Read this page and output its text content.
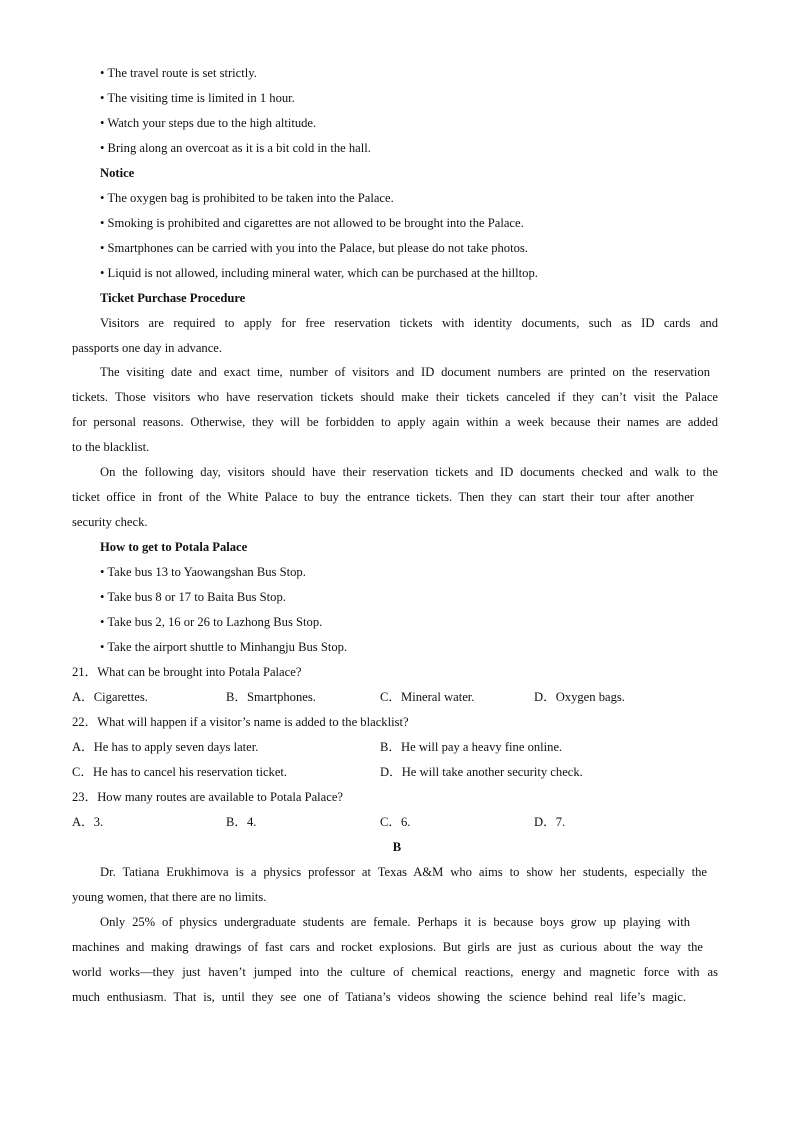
• The travel route is set strictly.
• The visiting time is limited in 1 hour.
• Watch your steps due to the high altitude.
• Bring along an overcoat as it is a bit cold in the hall.
Notice
• The oxygen bag is prohibited to be taken into the Palace.
• Smoking is prohibited and cigarettes are not allowed to be brought into the Palace.
• Smartphones can be carried with you into the Palace, but please do not take photos.
• Liquid is not allowed, including mineral water, which can be purchased at the hilltop.
Ticket Purchase Procedure
Visitors are required to apply for free reservation tickets with identity documents, such as ID cards and
passports one day in advance.
The visiting date and exact time, number of visitors and ID document numbers are printed on the reservation
tickets. Those visitors who have reservation tickets should make their tickets canceled if they can’t visit the Palace
for personal reasons. Otherwise, they will be forbidden to apply again within a week because their names are added
to the blacklist.
On the following day, visitors should have their reservation tickets and ID documents checked and walk to the
ticket office in front of the White Palace to buy the entrance tickets. Then they can start their tour after another
security check.
How to get to Potala Palace
• Take bus 13 to Yaowangshan Bus Stop.
• Take bus 8 or 17 to Baita Bus Stop.
• Take bus 2, 16 or 26 to Lazhong Bus Stop.
• Take the airport shuttle to Minhangju Bus Stop.
21．What can be brought into Potala Palace?
A．Cigarettes.	B．Smartphones.	C．Mineral water.	D．Oxygen bags.
22．What will happen if a visitor’s name is added to the blacklist?
A．He has to apply seven days later.	B．He will pay a heavy fine online.
C．He has to cancel his reservation ticket.	D．He will take another security check.
23．How many routes are available to Potala Palace?
A．3.	B．4.	C．6.	D．7.
B
Dr. Tatiana Erukhimova is a physics professor at Texas A&M who aims to show her students, especially the
young women, that there are no limits.
Only 25% of physics undergraduate students are female. Perhaps it is because boys grow up playing with
machines and making drawings of fast cars and rocket explosions. But girls are just as curious about the way the
world works—they just haven’t jumped into the culture of chemical reactions, energy and magnetic force with as
much enthusiasm. That is, until they see one of Tatiana’s videos showing the science behind real life’s magic.
